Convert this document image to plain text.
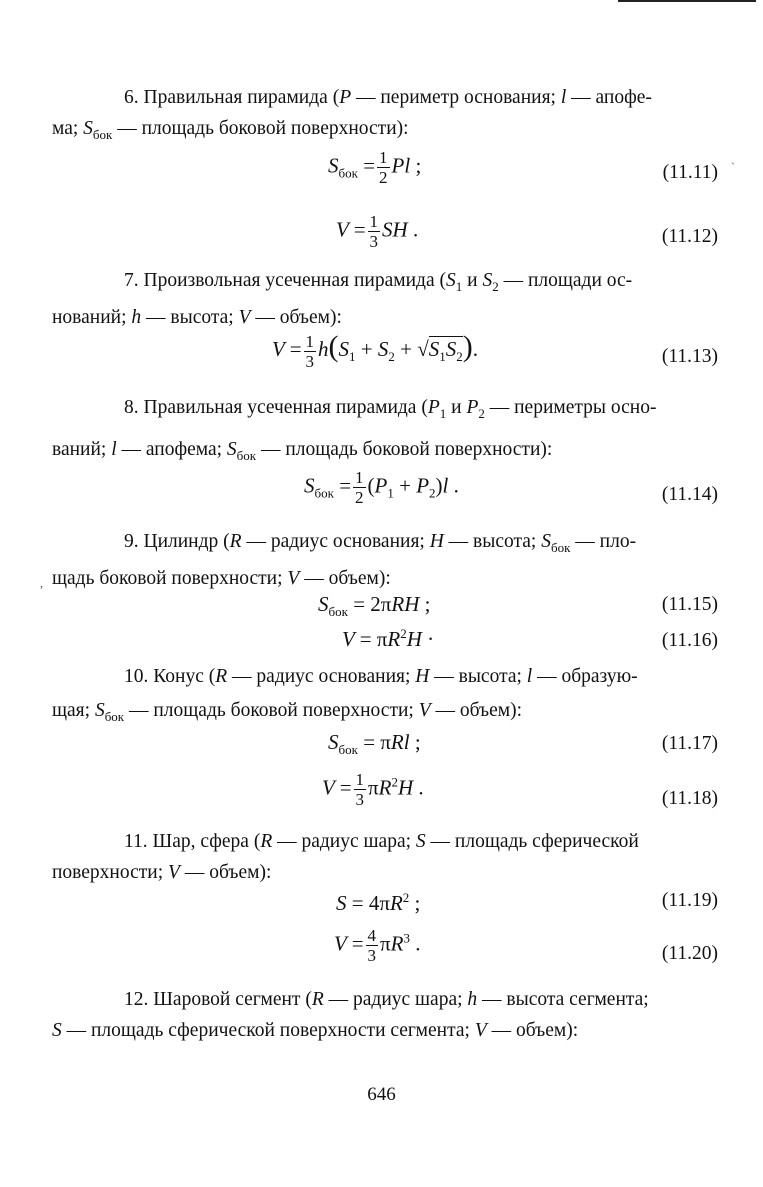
6. Правильная пирамида (P — периметр основания; l — апофе-
ма; $S_{бок}$ — площадь боковой поверхности):
$S_{бок} = \frac{1}{2}$ Pl ;	(11.11)
$V = \frac{1}{3}$ SH .	(11.12)
7. Произвольная усеченная пирамида ($S_1$ и $S_2$ — площади ос-
нований; h — высота; V — объем):
$V = \frac{1}{3} h(S_1 + S_2 + √S_1S_2)$.	(11.13)
8. Правильная усеченная пирамида ($P_1$ и $P_2$ — периметры осно-
ваний; l — апофема; $S_{бок}$ — площадь боковой поверхности):
$S_{бок} = \frac{1}{2} (P_1 + P_2)l$ .	(11.14)
9. Цилиндр (R — радиус основания; H — высота; $S_{бок}$ — пло-
щадь боковой поверхности; V — объем):
$S_{бок} = 2\pi RH$ ;	(11.15)
$V = \pi R^2H$ ·	(11.16)
10. Конус (R — радиус основания; H — высота; l — образую-
щая; $S_{бок}$ — площадь боковой поверхности; V — объем):
$S_{бок} = \pi Rl$ ;	(11.17)
$V = \frac{1}{3} \pi R^2H$ .	(11.18)
11. Шар, сфера (R — радиус шара; S — площадь сферической
поверхности; V — объем):
$S = 4\pi R^2$ ;	(11.19)
$V = \frac{4}{3} \pi R^3$ .	(11.20)
12. Шаровой сегмент (R — радиус шара; h — высота сегмента;
S — площадь сферической поверхности сегмента; V — объем):
646
`
,
